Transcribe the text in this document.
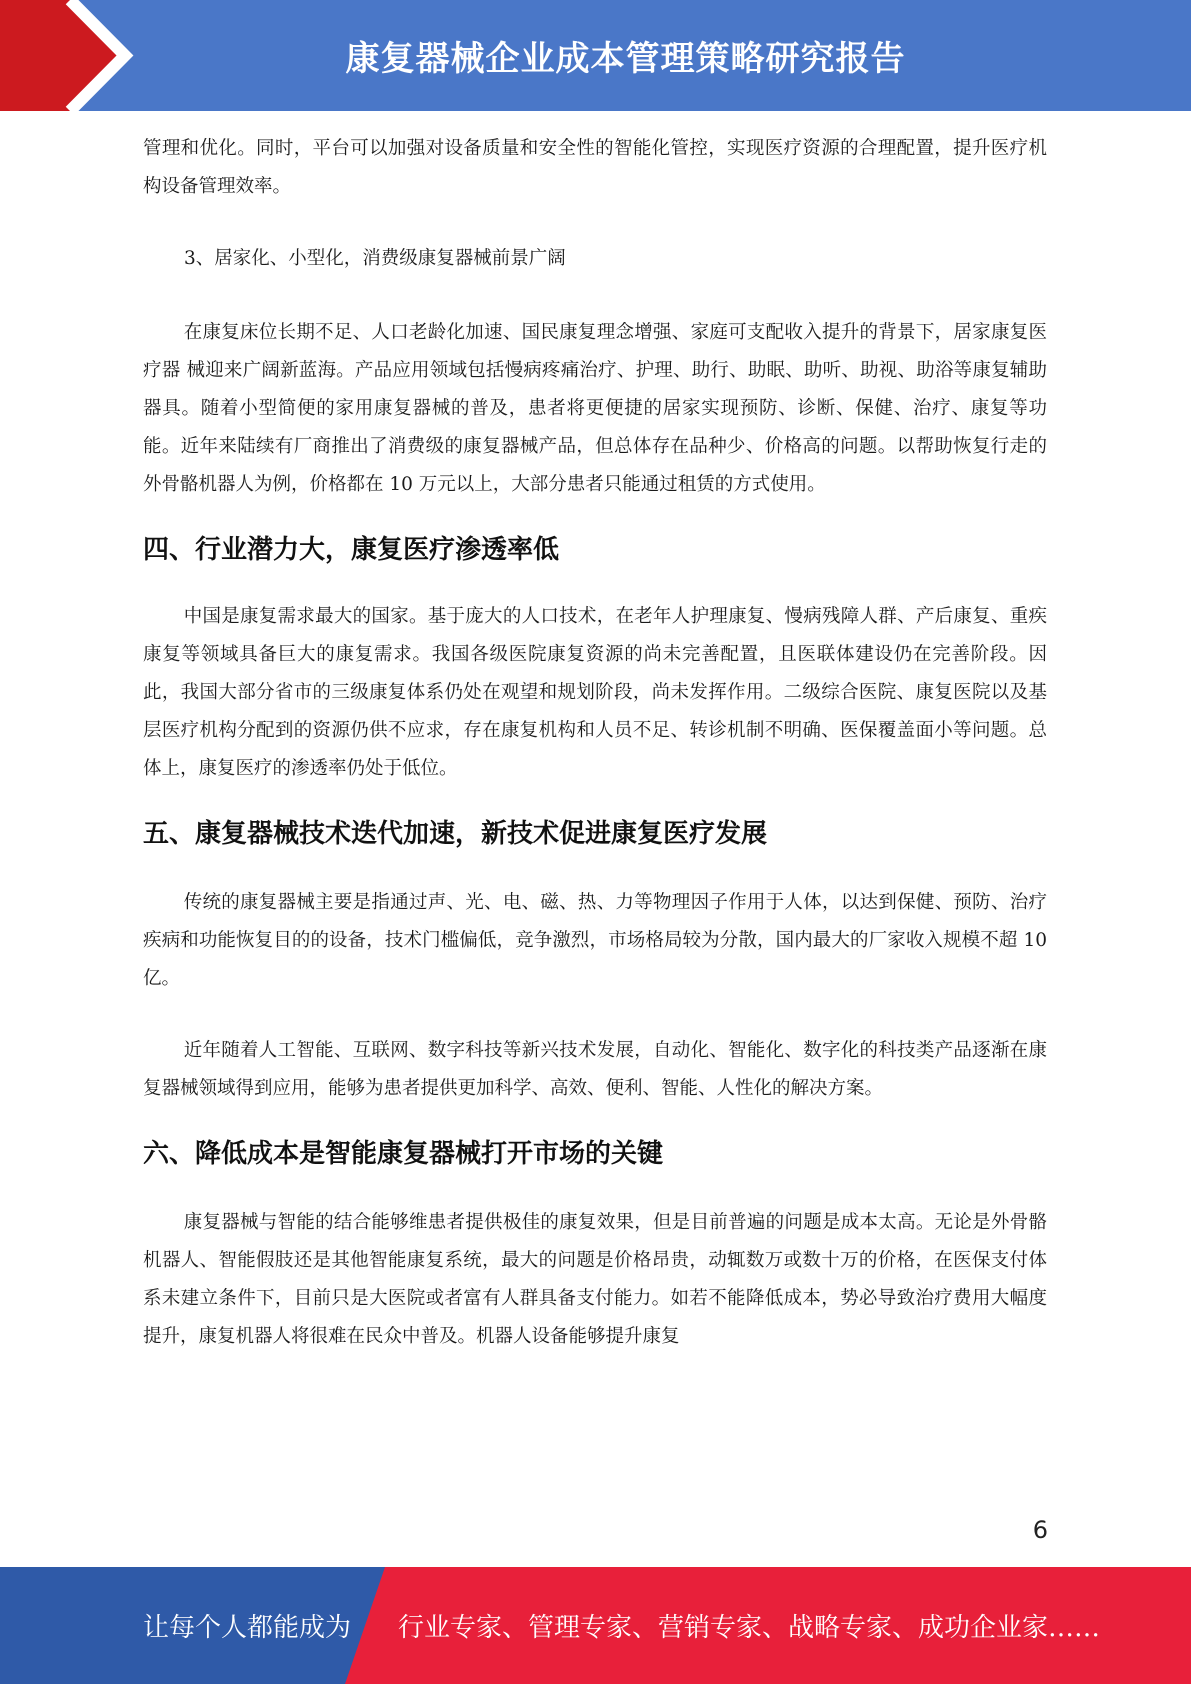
康复器械企业成本管理策略研究报告

管理和优化。同时，平台可以加强对设备质量和安全性的智能化管控，实现医疗资源的合理配置，提升医疗机构设备管理效率。

3、居家化、小型化，消费级康复器械前景广阔

在康复床位长期不足、人口老龄化加速、国民康复理念增强、家庭可支配收入提升的背景下，居家康复医疗器 械迎来广阔新蓝海。产品应用领域包括慢病疼痛治疗、护理、助行、助眠、助听、助视、助浴等康复辅助器具。随着小型简便的家用康复器械的普及，患者将更便捷的居家实现预防、诊断、保健、治疗、康复等功能。近年来陆续有厂商推出了消费级的康复器械产品，但总体存在品种少、价格高的问题。以帮助恢复行走的外骨骼机器人为例，价格都在 10 万元以上，大部分患者只能通过租赁的方式使用。

四、行业潜力大，康复医疗渗透率低

中国是康复需求最大的国家。基于庞大的人口技术，在老年人护理康复、慢病残障人群、产后康复、重疾康复等领域具备巨大的康复需求。我国各级医院康复资源的尚未完善配置，且医联体建设仍在完善阶段。因此，我国大部分省市的三级康复体系仍处在观望和规划阶段，尚未发挥作用。二级综合医院、康复医院以及基层医疗机构分配到的资源仍供不应求，存在康复机构和人员不足、转诊机制不明确、医保覆盖面小等问题。总体上，康复医疗的渗透率仍处于低位。

五、康复器械技术迭代加速，新技术促进康复医疗发展

传统的康复器械主要是指通过声、光、电、磁、热、力等物理因子作用于人体，以达到保健、预防、治疗疾病和功能恢复目的的设备，技术门槛偏低，竞争激烈，市场格局较为分散，国内最大的厂家收入规模不超 10 亿。

近年随着人工智能、互联网、数字科技等新兴技术发展，自动化、智能化、数字化的科技类产品逐渐在康复器械领域得到应用，能够为患者提供更加科学、高效、便利、智能、人性化的解决方案。

六、降低成本是智能康复器械打开市场的关键

康复器械与智能的结合能够维患者提供极佳的康复效果，但是目前普遍的问题是成本太高。无论是外骨骼机器人、智能假肢还是其他智能康复系统，最大的问题是价格昂贵，动辄数万或数十万的价格，在医保支付体系未建立条件下，目前只是大医院或者富有人群具备支付能力。如若不能降低成本，势必导致治疗费用大幅度提升，康复机器人将很难在民众中普及。机器人设备能够提升康复

6
让每个人都能成为 行业专家、管理专家、营销专家、战略专家、成功企业家……
